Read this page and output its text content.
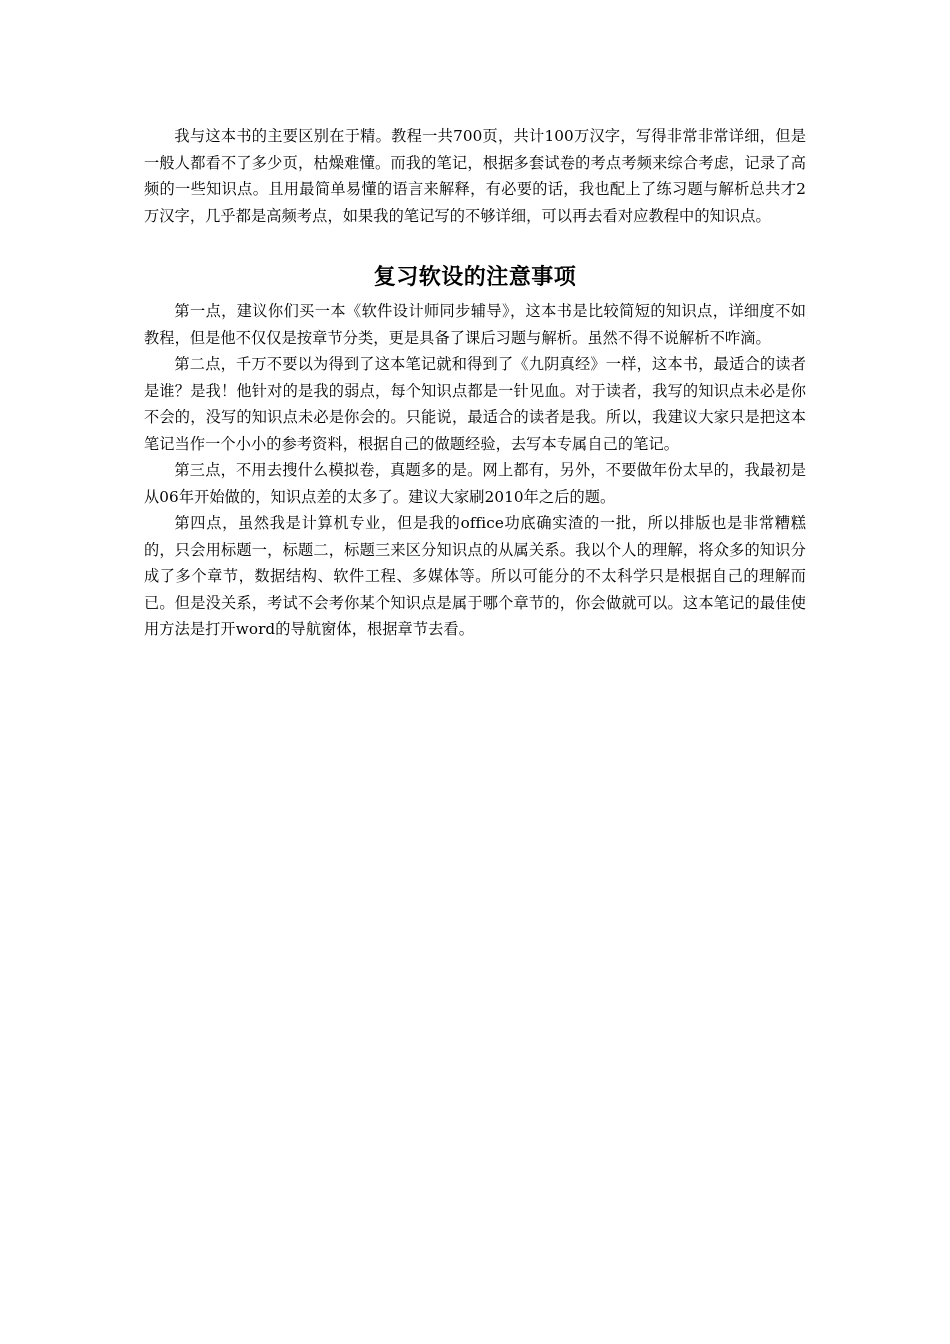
我与这本书的主要区别在于精。教程一共700页，共计100万汉字，写得非常非常详细，但是一般人都看不了多少页，枯燥难懂。而我的笔记，根据多套试卷的考点考频来综合考虑，记录了高频的一些知识点。且用最简单易懂的语言来解释，有必要的话，我也配上了练习题与解析总共才2万汉字，几乎都是高频考点，如果我的笔记写的不够详细，可以再去看对应教程中的知识点。

复习软设的注意事项

第一点，建议你们买一本《软件设计师同步辅导》，这本书是比较简短的知识点，详细度不如教程，但是他不仅仅是按章节分类，更是具备了课后习题与解析。虽然不得不说解析不咋滴。

第二点，千万不要以为得到了这本笔记就和得到了《九阴真经》一样，这本书，最适合的读者是谁？是我！他针对的是我的弱点，每个知识点都是一针见血。对于读者，我写的知识点未必是你不会的，没写的知识点未必是你会的。只能说，最适合的读者是我。所以，我建议大家只是把这本笔记当作一个小小的参考资料，根据自己的做题经验，去写本专属自己的笔记。

第三点，不用去搜什么模拟卷，真题多的是。网上都有，另外，不要做年份太早的，我最初是从06年开始做的，知识点差的太多了。建议大家刷2010年之后的题。

第四点，虽然我是计算机专业，但是我的office功底确实渣的一批，所以排版也是非常糟糕的，只会用标题一，标题二，标题三来区分知识点的从属关系。我以个人的理解，将众多的知识分成了多个章节，数据结构、软件工程、多媒体等。所以可能分的不太科学只是根据自己的理解而已。但是没关系，考试不会考你某个知识点是属于哪个章节的，你会做就可以。这本笔记的最佳使用方法是打开word的导航窗体，根据章节去看。
